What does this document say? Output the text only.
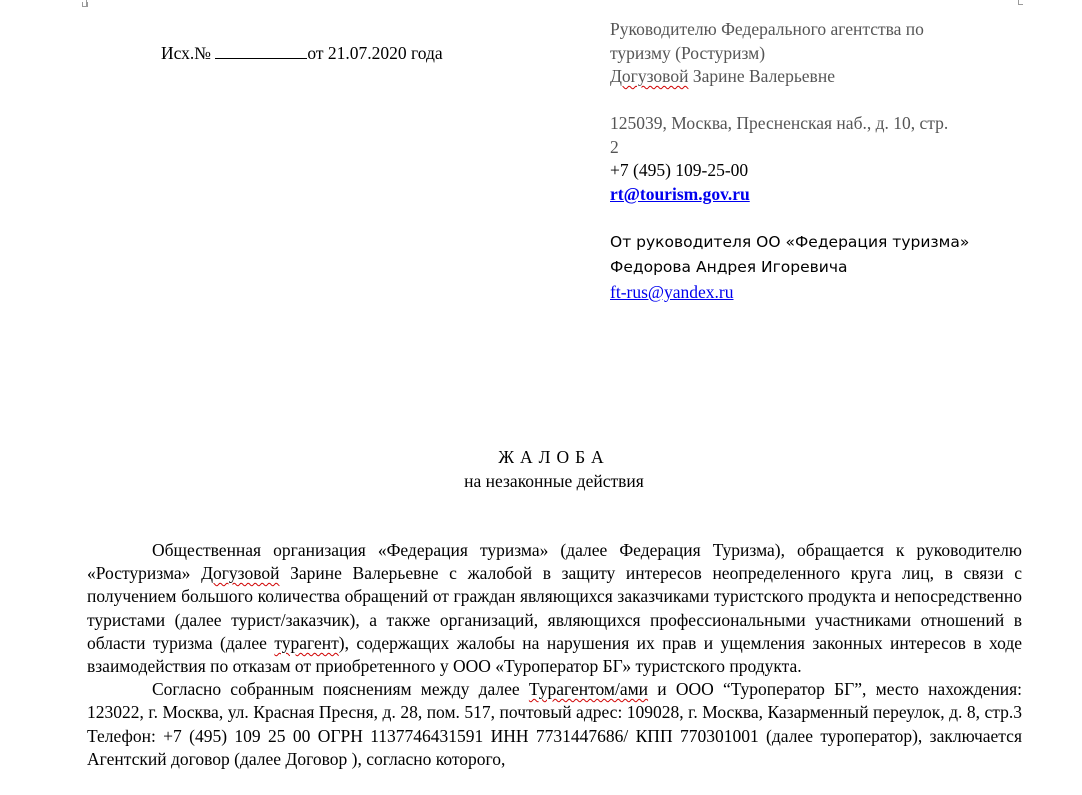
Исх.№	от 21.07.2020 года
Руководителю Федерального агентства по
туризму (Ростуризм)
Догузовой Зарине Валерьевне
125039, Москва, Пресненская наб., д. 10, стр.
2
+7 (495) 109-25-00
rt@tourism.gov.ru
От руководителя ОО «Федерация туризма»
Федорова Андрея Игоревича
ft-rus@yandex.ru
ЖАЛОБА
на незаконные действия

Общественная организация «Федерация туризма» (далее Федерация Туризма), обращается к руководителю «Ростуризма» Догузовой Зарине Валерьевне с жалобой в защиту интересов неопределенного круга лиц, в связи с получением большого количества обращений от граждан являющихся заказчиками туристского продукта и непосредственно туристами (далее турист/заказчик), а также организаций, являющихся профессиональными участниками отношений в области туризма (далее турагент), содержащих жалобы на нарушения их прав и ущемления законных интересов в ходе взаимодействия по отказам от приобретенного у ООО «Туроператор БГ» туристского продукта.

Согласно собранным пояснениям между далее Турагентом/ами и ООО “Туроператор БГ”, место нахождения: 123022, г. Москва, ул. Красная Пресня, д. 28, пом. 517, почтовый адрес: 109028, г. Москва, Казарменный переулок, д. 8, стр.3 Телефон: +7 (495) 109 25 00 ОГРН 1137746431591 ИНН 7731447686/ КПП 770301001 (далее туроператор), заключается Агентский договор (далее Договор ), согласно которого,
